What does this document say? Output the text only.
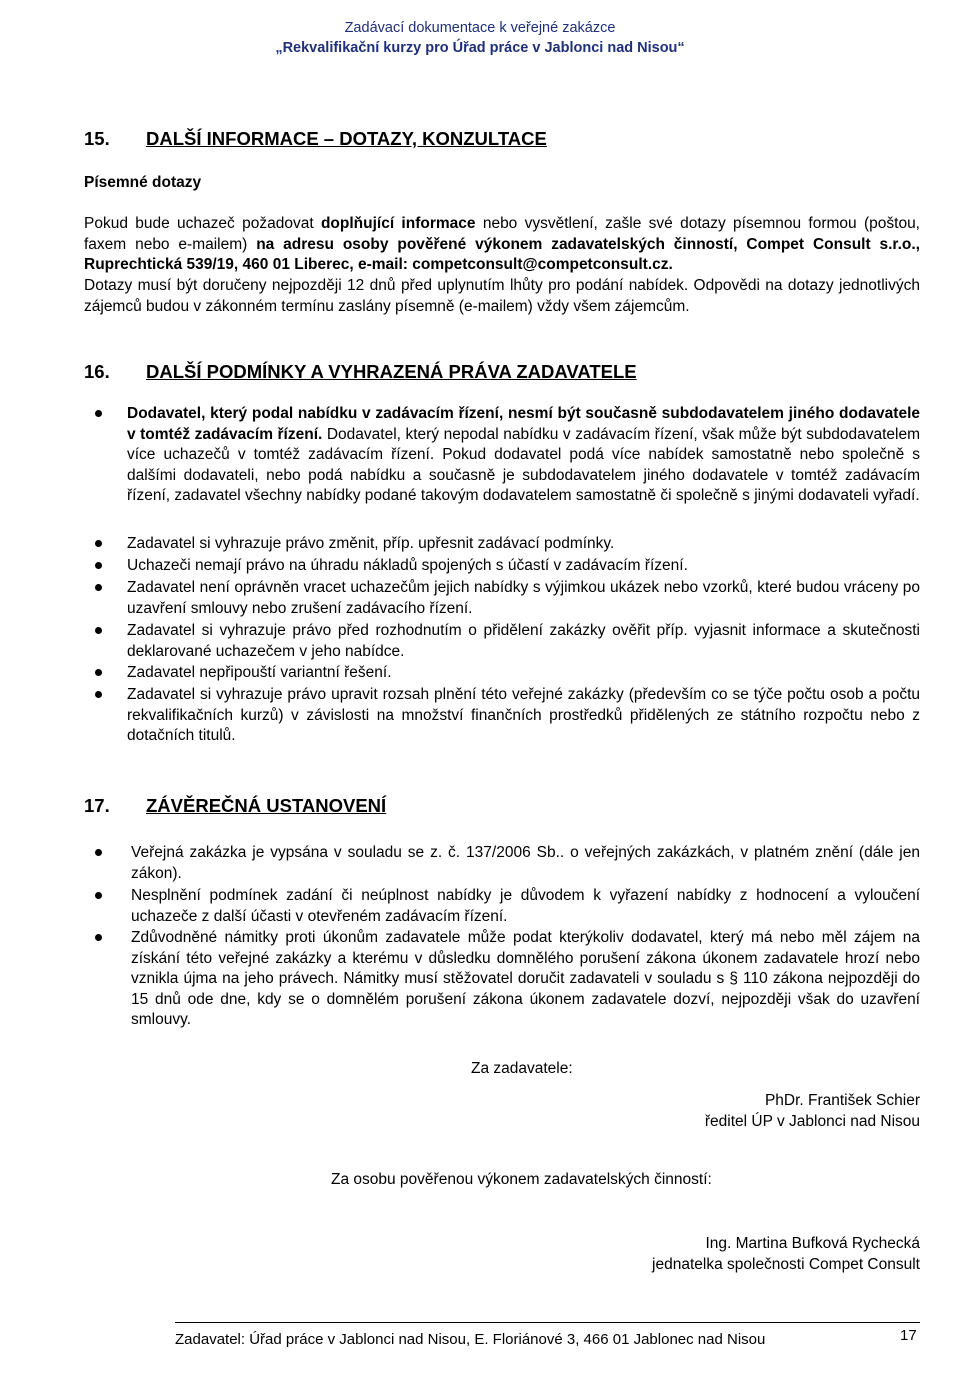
Zadávací dokumentace k veřejné zakázce
„Rekvalifikační kurzy pro Úřad práce v Jablonci nad Nisou“
15. DALŠÍ INFORMACE – DOTAZY, KONZULTACE
Písemné dotazy
Pokud bude uchazeč požadovat doplňující informace nebo vysvětlení, zašle své dotazy písemnou formou (poštou, faxem nebo e-mailem) na adresu osoby pověřené výkonem zadavatelských činností, Compet Consult s.r.o., Ruprechtická 539/19, 460 01 Liberec, e-mail: competconsult@competconsult.cz.
Dotazy musí být doručeny nejpozději 12 dnů před uplynutím lhůty pro podání nabídek. Odpovědi na dotazy jednotlivých zájemců budou v zákonném termínu zaslány písemně (e-mailem) vždy všem zájemcům.
16. DALŠÍ PODMÍNKY A VYHRAZENÁ PRÁVA ZADAVATELE
Dodavatel, který podal nabídku v zadávacím řízení, nesmí být současně subdodavatelem jiného dodavatele v tomtéž zadávacím řízení. Dodavatel, který nepodal nabídku v zadávacím řízení, však může být subdodavatelem více uchazečů v tomtéž zadávacím řízení. Pokud dodavatel podá více nabídek samostatně nebo společně s dalšími dodavateli, nebo podá nabídku a současně je subdodavatelem jiného dodavatele v tomtéž zadávacím řízení, zadavatel všechny nabídky podané takovým dodavatelem samostatně či společně s jinými dodavateli vyřadí.
Zadavatel si vyhrazuje právo změnit, příp. upřesnit zadávací podmínky.
Uchazeči nemají právo na úhradu nákladů spojených s účastí v zadávacím řízení.
Zadavatel není oprávněn vracet uchazečům jejich nabídky s výjimkou ukázek nebo vzorků, které budou vráceny po uzavření smlouvy nebo zrušení zadávacího řízení.
Zadavatel si vyhrazuje právo před rozhodnutím o přidělení zakázky ověřit příp. vyjasnit informace a skutečnosti deklarované uchazečem v jeho nabídce.
Zadavatel nepřipouští variantní řešení.
Zadavatel si vyhrazuje právo upravit rozsah plnění této veřejné zakázky (především co se týče počtu osob a počtu rekvalifikačních kurzů) v závislosti na množství finančních prostředků přidělených ze státního rozpočtu nebo z dotačních titulů.
17. ZÁVĚREČNÁ USTANOVENÍ
Veřejná zakázka je vypsána v souladu se z. č. 137/2006 Sb.. o veřejných zakázkách, v platném znění (dále jen zákon).
Nesplnění podmínek zadání či neúplnost nabídky je důvodem k vyřazení nabídky z hodnocení a vyloučení uchazeče z další účasti v otevřeném zadávacím řízení.
Zdůvodněné námitky proti úkonům zadavatele může podat kterýkoliv dodavatel, který má nebo měl zájem na získání této veřejné zakázky a kterému v důsledku domnělého porušení zákona úkonem zadavatele hrozí nebo vznikla újma na jeho právech. Námitky musí stěžovatel doručit zadavateli v souladu s § 110 zákona nejpozději do 15 dnů ode dne, kdy se o domnělém porušení zákona úkonem zadavatele dozví, nejpozději však do uzavření smlouvy.
Za zadavatele:
PhDr. František Schier
ředitel ÚP v Jablonci nad Nisou
Za osobu pověřenou výkonem zadavatelských činností:
Ing. Martina Bufková Rychecká
jednatelka společnosti Compet Consult
Zadavatel: Úřad práce v Jablonci nad Nisou, E. Floriánové 3, 466 01 Jablonec nad Nisou	17
